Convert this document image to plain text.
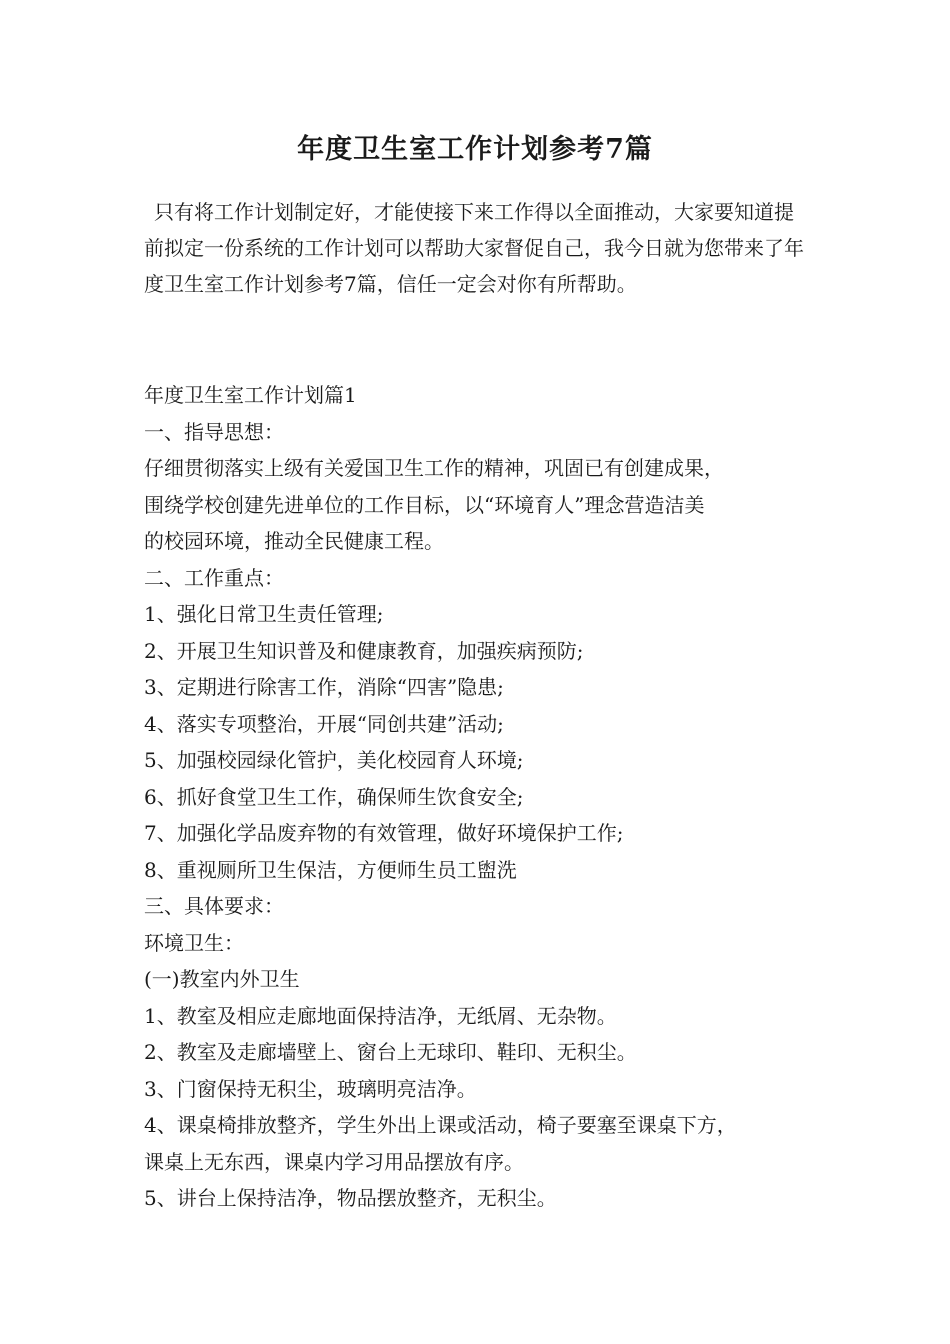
年度卫生室工作计划参考7篇
只有将工作计划制定好，才能使接下来工作得以全面推动，大家要知道提前拟定一份系统的工作计划可以帮助大家督促自己，我今日就为您带来了年度卫生室工作计划参考7篇，信任一定会对你有所帮助。

年度卫生室工作计划篇1

一、指导思想：

仔细贯彻落实上级有关爱国卫生工作的精神，巩固已有创建成果，

围绕学校创建先进单位的工作目标，以“环境育人”理念营造洁美

的校园环境，推动全民健康工程。

二、工作重点：

1、强化日常卫生责任管理;

2、开展卫生知识普及和健康教育，加强疾病预防;

3、定期进行除害工作，消除“四害”隐患;

4、落实专项整治，开展“同创共建”活动;

5、加强校园绿化管护，美化校园育人环境;

6、抓好食堂卫生工作，确保师生饮食安全;

7、加强化学品废弃物的有效管理，做好环境保护工作;

8、重视厕所卫生保洁，方便师生员工盥洗

三、具体要求：

环境卫生：

(一)教室内外卫生

1、教室及相应走廊地面保持洁净，无纸屑、无杂物。

2、教室及走廊墙壁上、窗台上无球印、鞋印、无积尘。

3、门窗保持无积尘，玻璃明亮洁净。

4、课桌椅排放整齐，学生外出上课或活动，椅子要塞至课桌下方，

课桌上无东西，课桌内学习用品摆放有序。

5、讲台上保持洁净，物品摆放整齐，无积尘。
